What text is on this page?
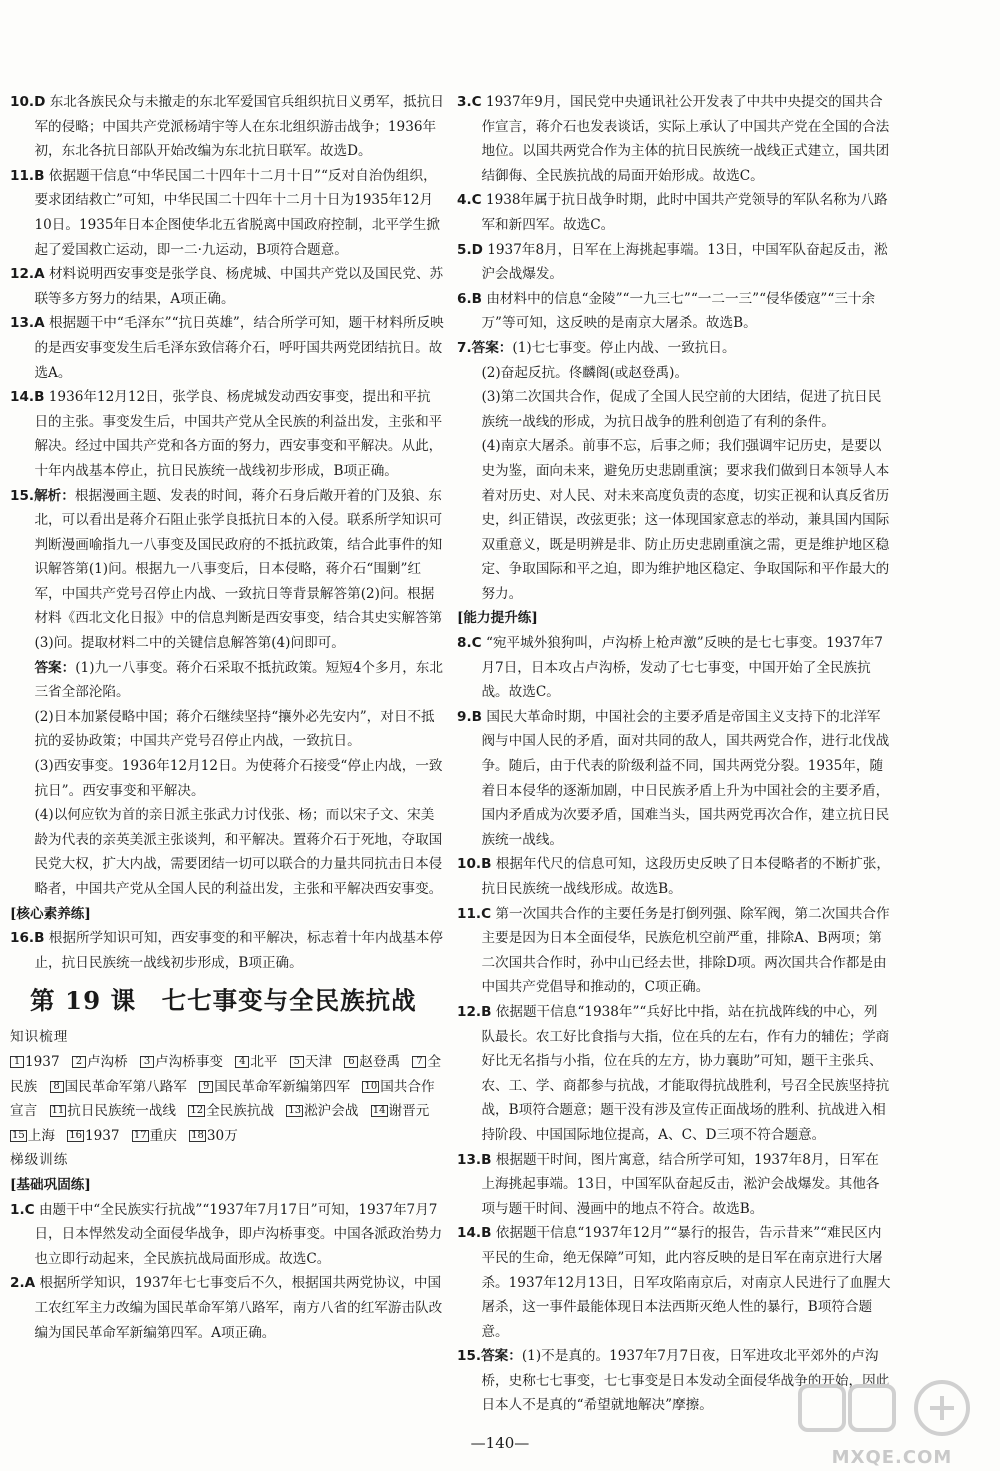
10.D 东北各族民众与未撤走的东北军爱国官兵组织抗日义勇军，抵抗日军的侵略；中国共产党派杨靖宇等人在东北组织游击战争；1936年初，东北各抗日部队开始改编为东北抗日联军。故选D。

11.B 依据题干信息“中华民国二十四年十二月十日”“反对自治伪组织，要求团结救亡”可知，中华民国二十四年十二月十日为1935年12月10日。1935年日本企图使华北五省脱离中国政府控制，北平学生掀起了爱国救亡运动，即一二·九运动，B项符合题意。

12.A 材料说明西安事变是张学良、杨虎城、中国共产党以及国民党、苏联等多方努力的结果，A项正确。

13.A 根据题干中“毛泽东”“抗日英雄”，结合所学可知，题干材料所反映的是西安事变发生后毛泽东致信蒋介石，呼吁国共两党团结抗日。故选A。

14.B 1936年12月12日，张学良、杨虎城发动西安事变，提出和平抗日的主张。事变发生后，中国共产党从全民族的利益出发，主张和平解决。经过中国共产党和各方面的努力，西安事变和平解决。从此，十年内战基本停止，抗日民族统一战线初步形成，B项正确。

15.解析：根据漫画主题、发表的时间，蒋介石身后敞开着的门及狼、东北，可以看出是蒋介石阻止张学良抵抗日本的入侵。联系所学知识可判断漫画喻指九一八事变及国民政府的不抵抗政策，结合此事件的知识解答第(1)问。根据九一八事变后，日本侵略，蒋介石“围剿”红军，中国共产党号召停止内战、一致抗日等背景解答第(2)问。根据材料《西北文化日报》中的信息判断是西安事变，结合其史实解答第(3)问。提取材料二中的关键信息解答第(4)问即可。

答案：(1)九一八事变。蒋介石采取不抵抗政策。短短4个多月，东北三省全部沦陷。

(2)日本加紧侵略中国；蒋介石继续坚持“攘外必先安内”，对日不抵抗的妥协政策；中国共产党号召停止内战，一致抗日。

(3)西安事变。1936年12月12日。为使蒋介石接受“停止内战，一致抗日”。西安事变和平解决。

(4)以何应钦为首的亲日派主张武力讨伐张、杨；而以宋子文、宋美龄为代表的亲英美派主张谈判，和平解决。置蒋介石于死地，夺取国民党大权，扩大内战，需要团结一切可以联合的力量共同抗击日本侵略者，中国共产党从全国人民的利益出发，主张和平解决西安事变。

[核心素养练]

16.B 根据所学知识可知，西安事变的和平解决，标志着十年内战基本停止，抗日民族统一战线初步形成，B项正确。

第 19 课　七七事变与全民族抗战

知识梳理

1 1937 2 卢沟桥 3 卢沟桥事变 4 北平 5 天津 6 赵登禹 7 全民族 8 国民革命军第八路军 9 国民革命军新编第四军 10 国共合作宣言 11 抗日民族统一战线 12 全民族抗战 13 淞沪会战 14 谢晋元 15 上海 16 1937 17 重庆 18 30万

梯级训练

[基础巩固练]

1.C 由题干中“全民族实行抗战”“1937年7月17日”可知，1937年7月7日，日本悍然发动全面侵华战争，即卢沟桥事变。中国各派政治势力也立即行动起来，全民族抗战局面形成。故选C。

2.A 根据所学知识，1937年七七事变后不久，根据国共两党协议，中国工农红军主力改编为国民革命军第八路军，南方八省的红军游击队改编为国民革命军新编第四军。A项正确。

3.C 1937年9月，国民党中央通讯社公开发表了中共中央提交的国共合作宣言，蒋介石也发表谈话，实际上承认了中国共产党在全国的合法地位。以国共两党合作为主体的抗日民族统一战线正式建立，国共团结御侮、全民族抗战的局面开始形成。故选C。

4.C 1938年属于抗日战争时期，此时中国共产党领导的军队名称为八路军和新四军。故选C。

5.D 1937年8月，日军在上海挑起事端。13日，中国军队奋起反击，淞沪会战爆发。

6.B 由材料中的信息“金陵”“一九三七”“一二一三”“侵华倭寇”“三十余万”等可知，这反映的是南京大屠杀。故选B。

7.答案：(1)七七事变。停止内战、一致抗日。

(2)奋起反抗。佟麟阁(或赵登禹)。

(3)第二次国共合作，促成了全国人民空前的大团结，促进了抗日民族统一战线的形成，为抗日战争的胜利创造了有利的条件。

(4)南京大屠杀。前事不忘，后事之师；我们强调牢记历史，是要以史为鉴，面向未来，避免历史悲剧重演；要求我们做到日本领导人本着对历史、对人民、对未来高度负责的态度，切实正视和认真反省历史，纠正错误，改弦更张；这一体现国家意志的举动，兼具国内国际双重意义，既是明辨是非、防止历史悲剧重演之需，更是维护地区稳定、争取国际和平之迫，即为维护地区稳定、争取国际和平作最大的努力。

[能力提升练]

8.C “宛平城外狼狗叫，卢沟桥上枪声激”反映的是七七事变。1937年7月7日，日本攻占卢沟桥，发动了七七事变，中国开始了全民族抗战。故选C。

9.B 国民大革命时期，中国社会的主要矛盾是帝国主义支持下的北洋军阀与中国人民的矛盾，面对共同的敌人，国共两党合作，进行北伐战争。随后，由于代表的阶级利益不同，国共两党分裂。1935年，随着日本侵华的逐渐加剧，中日民族矛盾上升为中国社会的主要矛盾，国内矛盾成为次要矛盾，国难当头，国共两党再次合作，建立抗日民族统一战线。

10.B 根据年代尺的信息可知，这段历史反映了日本侵略者的不断扩张，抗日民族统一战线形成。故选B。

11.C 第一次国共合作的主要任务是打倒列强、除军阀，第二次国共合作主要是因为日本全面侵华，民族危机空前严重，排除A、B两项；第二次国共合作时，孙中山已经去世，排除D项。两次国共合作都是由中国共产党倡导和推动的，C项正确。

12.B 依据题干信息“1938年”“兵好比中指，站在抗战阵线的中心，列队最长。农工好比食指与大指，位在兵的左右，作有力的辅佐；学商好比无名指与小指，位在兵的左方，协力襄助”可知，题干主张兵、农、工、学、商都参与抗战，才能取得抗战胜利，号召全民族坚持抗战，B项符合题意；题干没有涉及宣传正面战场的胜利、抗战进入相持阶段、中国国际地位提高，A、C、D三项不符合题意。

13.B 根据题干时间，图片寓意，结合所学可知，1937年8月，日军在上海挑起事端。13日，中国军队奋起反击，淞沪会战爆发。其他各项与题干时间、漫画中的地点不符合。故选B。

14.B 依据题干信息“1937年12月”“暴行的报告，告示昔来”“难民区内平民的生命，绝无保障”可知，此内容反映的是日军在南京进行大屠杀。1937年12月13日，日军攻陷南京后，对南京人民进行了血腥大屠杀，这一事件最能体现日本法西斯灭绝人性的暴行，B项符合题意。

15.答案：(1)不是真的。1937年7月7日夜，日军进攻北平郊外的卢沟桥，史称七七事变，七七事变是日本发动全面侵华战争的开始，因此日本人不是真的“希望就地解决”摩擦。

—140—
MXQE.COM
